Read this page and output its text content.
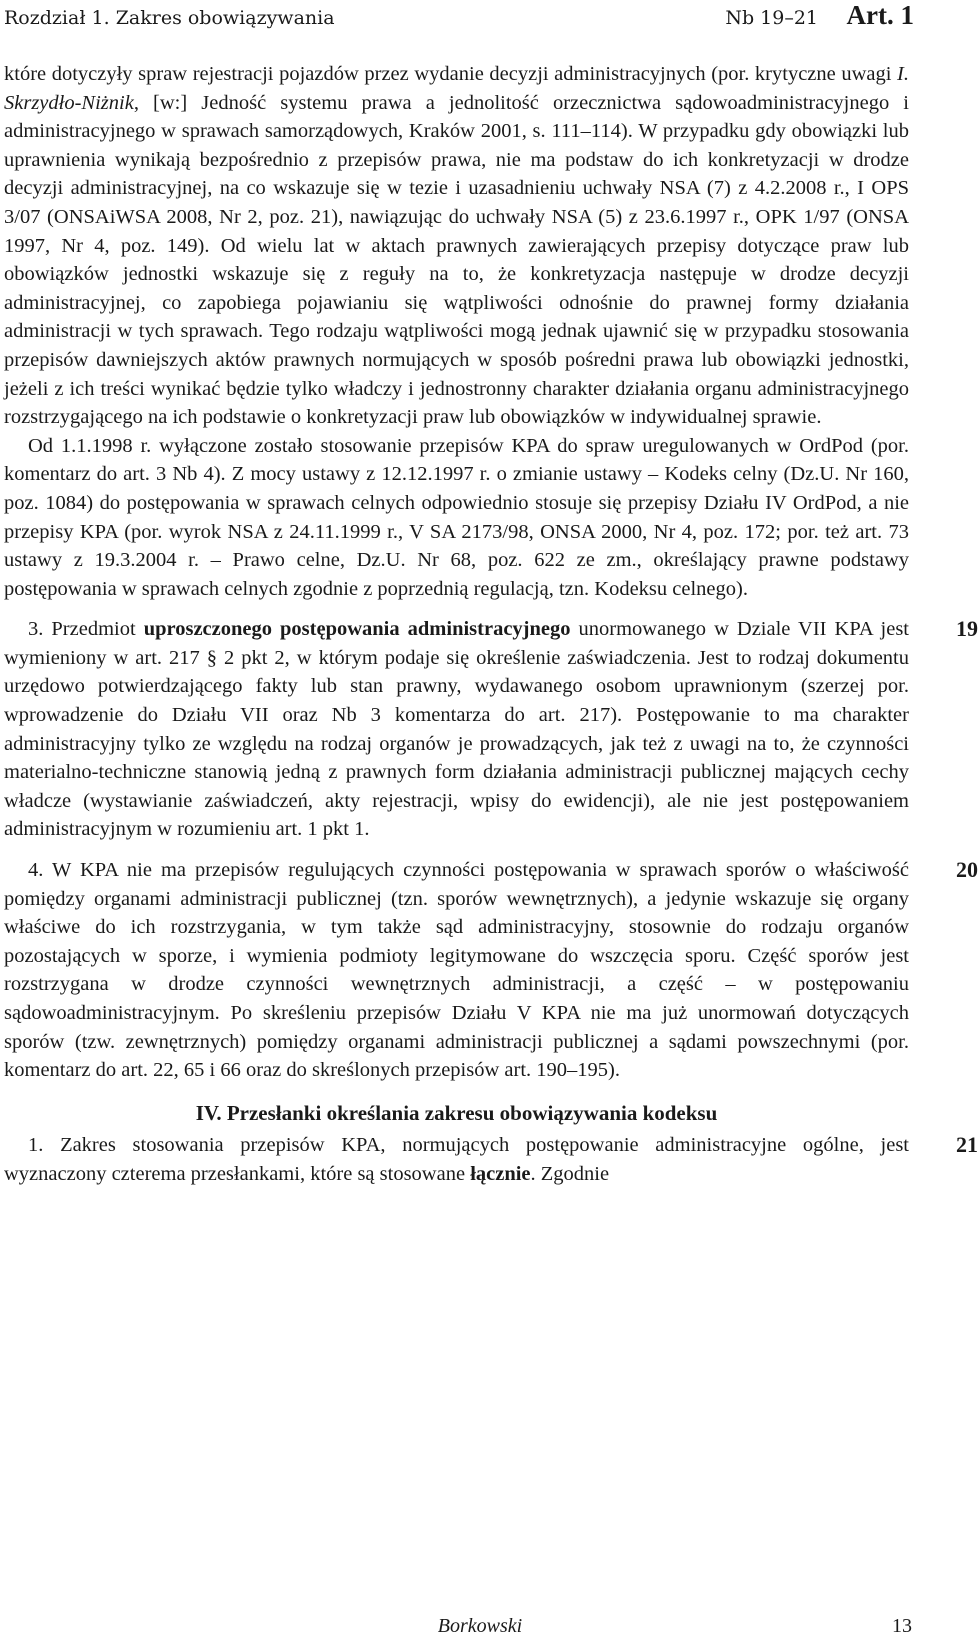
Rozdział 1. Zakres obowiązywania	Nb 19–21 Art. 1

które dotyczyły spraw rejestracji pojazdów przez wydanie decyzji administracyjnych (por. krytyczne uwagi I. Skrzydło-Niżnik, [w:] Jedność systemu prawa a jednolitość orzecznictwa sądowoadministracyjnego i administracyjnego w sprawach samorządowych, Kraków 2001, s. 111–114). W przypadku gdy obowiązki lub uprawnienia wynikają bezpośrednio z przepisów prawa, nie ma podstaw do ich konkretyzacji w drodze decyzji administracyjnej, na co wskazuje się w tezie i uzasadnieniu uchwały NSA (7) z 4.2.2008 r., I OPS 3/07 (ONSAiWSA 2008, Nr 2, poz. 21), nawiązując do uchwały NSA (5) z 23.6.1997 r., OPK 1/97 (ONSA 1997, Nr 4, poz. 149). Od wielu lat w aktach prawnych zawierających przepisy dotyczące praw lub obowiązków jednostki wskazuje się z reguły na to, że konkretyzacja następuje w drodze decyzji administracyjnej, co zapobiega pojawianiu się wątpliwości odnośnie do prawnej formy działania administracji w tych sprawach. Tego rodzaju wątpliwości mogą jednak ujawnić się w przypadku stosowania przepisów dawniejszych aktów prawnych normujących w sposób pośredni prawa lub obowiązki jednostki, jeżeli z ich treści wynikać będzie tylko władczy i jednostronny charakter działania organu administracyjnego rozstrzygającego na ich podstawie o konkretyzacji praw lub obowiązków w indywidualnej sprawie.

Od 1.1.1998 r. wyłączone zostało stosowanie przepisów KPA do spraw uregulowanych w OrdPod (por. komentarz do art. 3 Nb 4). Z mocy ustawy z 12.12.1997 r. o zmianie ustawy – Kodeks celny (Dz.U. Nr 160, poz. 1084) do postępowania w sprawach celnych odpowiednio stosuje się przepisy Działu IV OrdPod, a nie przepisy KPA (por. wyrok NSA z 24.11.1999 r., V SA 2173/98, ONSA 2000, Nr 4, poz. 172; por. też art. 73 ustawy z 19.3.2004 r. – Prawo celne, Dz.U. Nr 68, poz. 622 ze zm., określający prawne podstawy postępowania w sprawach celnych zgodnie z poprzednią regulacją, tzn. Kodeksu celnego).

19
3. Przedmiot uproszczonego postępowania administracyjnego unormowanego w Dziale VII KPA jest wymieniony w art. 217 § 2 pkt 2, w którym podaje się określenie zaświadczenia. Jest to rodzaj dokumentu urzędowo potwierdzającego fakty lub stan prawny, wydawanego osobom uprawnionym (szerzej por. wprowadzenie do Działu VII oraz Nb 3 komentarza do art. 217). Postępowanie to ma charakter administracyjny tylko ze względu na rodzaj organów je prowadzących, jak też z uwagi na to, że czynności materialno-techniczne stanowią jedną z prawnych form działania administracji publicznej mających cechy władcze (wystawianie zaświadczeń, akty rejestracji, wpisy do ewidencji), ale nie jest postępowaniem administracyjnym w rozumieniu art. 1 pkt 1.

20
4. W KPA nie ma przepisów regulujących czynności postępowania w sprawach sporów o właściwość pomiędzy organami administracji publicznej (tzn. sporów wewnętrznych), a jedynie wskazuje się organy właściwe do ich rozstrzygania, w tym także sąd administracyjny, stosownie do rodzaju organów pozostających w sporze, i wymienia podmioty legitymowane do wszczęcia sporu. Część sporów jest rozstrzygana w drodze czynności wewnętrznych administracji, a część – w postępowaniu sądowoadministracyjnym. Po skreśleniu przepisów Działu V KPA nie ma już unormowań dotyczących sporów (tzw. zewnętrznych) pomiędzy organami administracji publicznej a sądami powszechnymi (por. komentarz do art. 22, 65 i 66 oraz do skreślonych przepisów art. 190–195).

IV. Przesłanki określania zakresu obowiązywania kodeksu

21
1. Zakres stosowania przepisów KPA, normujących postępowanie administracyjne ogólne, jest wyznaczony czterema przesłankami, które są stosowane łącznie. Zgodnie

Borkowski	13
